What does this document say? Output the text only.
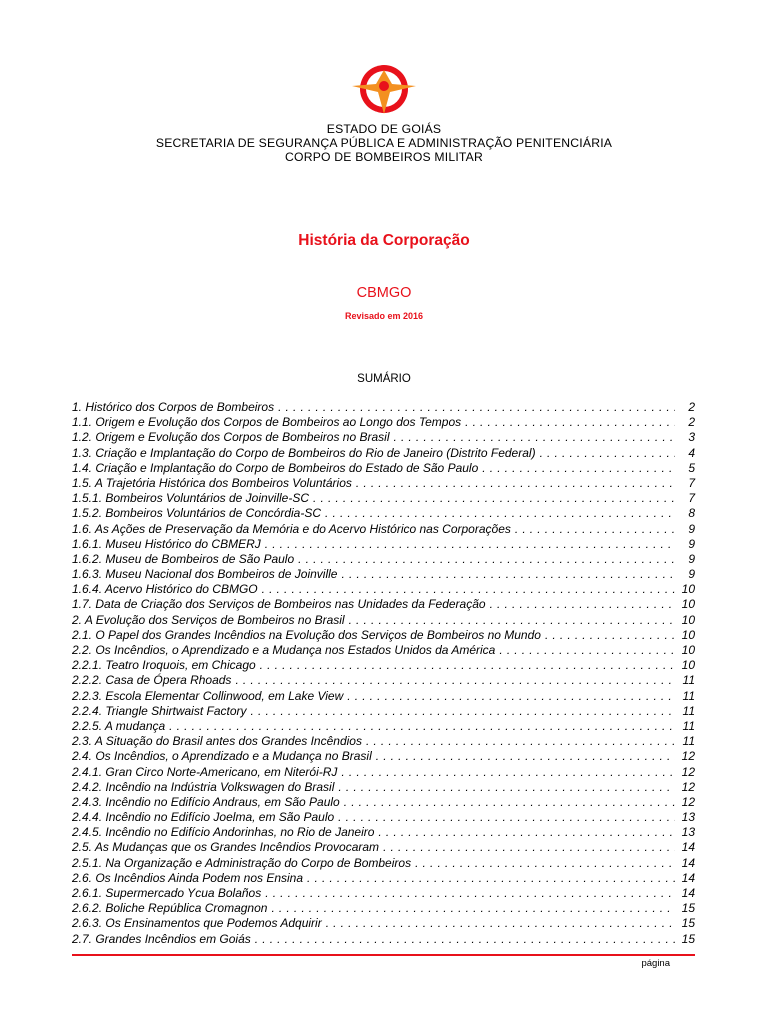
ESTADO DE GOIÁS
SECRETARIA DE SEGURANÇA PÚBLICA E ADMINISTRAÇÃO PENITENCIÁRIA
CORPO DE BOMBEIROS MILITAR
História da Corporação
CBMGO
Revisado em 2016
SUMÁRIO
1. Histórico dos Corpos de Bombeiros . . .	2
1.1. Origem e Evolução dos Corpos de Bombeiros ao Longo dos Tempos . . .	2
1.2. Origem e Evolução dos Corpos de Bombeiros no Brasil . . .	3
1.3. Criação e Implantação do Corpo de Bombeiros do Rio de Janeiro (Distrito Federal) . . .	4
1.4. Criação e Implantação do Corpo de Bombeiros do Estado de São Paulo . . .	5
1.5. A Trajetória Histórica dos Bombeiros Voluntários . . .	7
1.5.1. Bombeiros Voluntários de Joinville-SC . . .	7
1.5.2. Bombeiros Voluntários de Concórdia-SC . . .	8
1.6. As Ações de Preservação da Memória e do Acervo Histórico nas Corporações . . .	9
1.6.1. Museu Histórico do CBMERJ . . .	9
1.6.2. Museu de Bombeiros de São Paulo . . .	9
1.6.3. Museu Nacional dos Bombeiros de Joinville . . .	9
1.6.4. Acervo Histórico do CBMGO . . .	10
1.7. Data de Criação dos Serviços de Bombeiros nas Unidades da Federação . . .	10
2. A Evolução dos Serviços de Bombeiros no Brasil . . .	10
2.1. O Papel dos Grandes Incêndios na Evolução dos Serviços de Bombeiros no Mundo . . .	10
2.2. Os Incêndios, o Aprendizado e a Mudança nos Estados Unidos da América . . .	10
2.2.1. Teatro Iroquois, em Chicago . . .	10
2.2.2. Casa de Ópera Rhoads . . .	11
2.2.3. Escola Elementar Collinwood, em Lake View . . .	11
2.2.4. Triangle Shirtwaist Factory . . .	11
2.2.5. A mudança . . .	11
2.3. A Situação do Brasil antes dos Grandes Incêndios . . .	11
2.4. Os Incêndios, o Aprendizado e a Mudança no Brasil . . .	12
2.4.1. Gran Circo Norte-Americano, em Niterói-RJ . . .	12
2.4.2. Incêndio na Indústria Volkswagen do Brasil . . .	12
2.4.3. Incêndio no Edifício Andraus, em São Paulo . . .	12
2.4.4. Incêndio no Edifício Joelma, em São Paulo . . .	13
2.4.5. Incêndio no Edifício Andorinhas, no Rio de Janeiro . . .	13
2.5. As Mudanças que os Grandes Incêndios Provocaram . . .	14
2.5.1. Na Organização e Administração do Corpo de Bombeiros . . .	14
2.6. Os Incêndios Ainda Podem nos Ensina . . .	14
2.6.1. Supermercado Ycua Bolaños . . .	14
2.6.2. Boliche República Cromagnon . . .	15
2.6.3. Os Ensinamentos que Podemos Adquirir . . .	15
2.7. Grandes Incêndios em Goiás . . .	15
página
